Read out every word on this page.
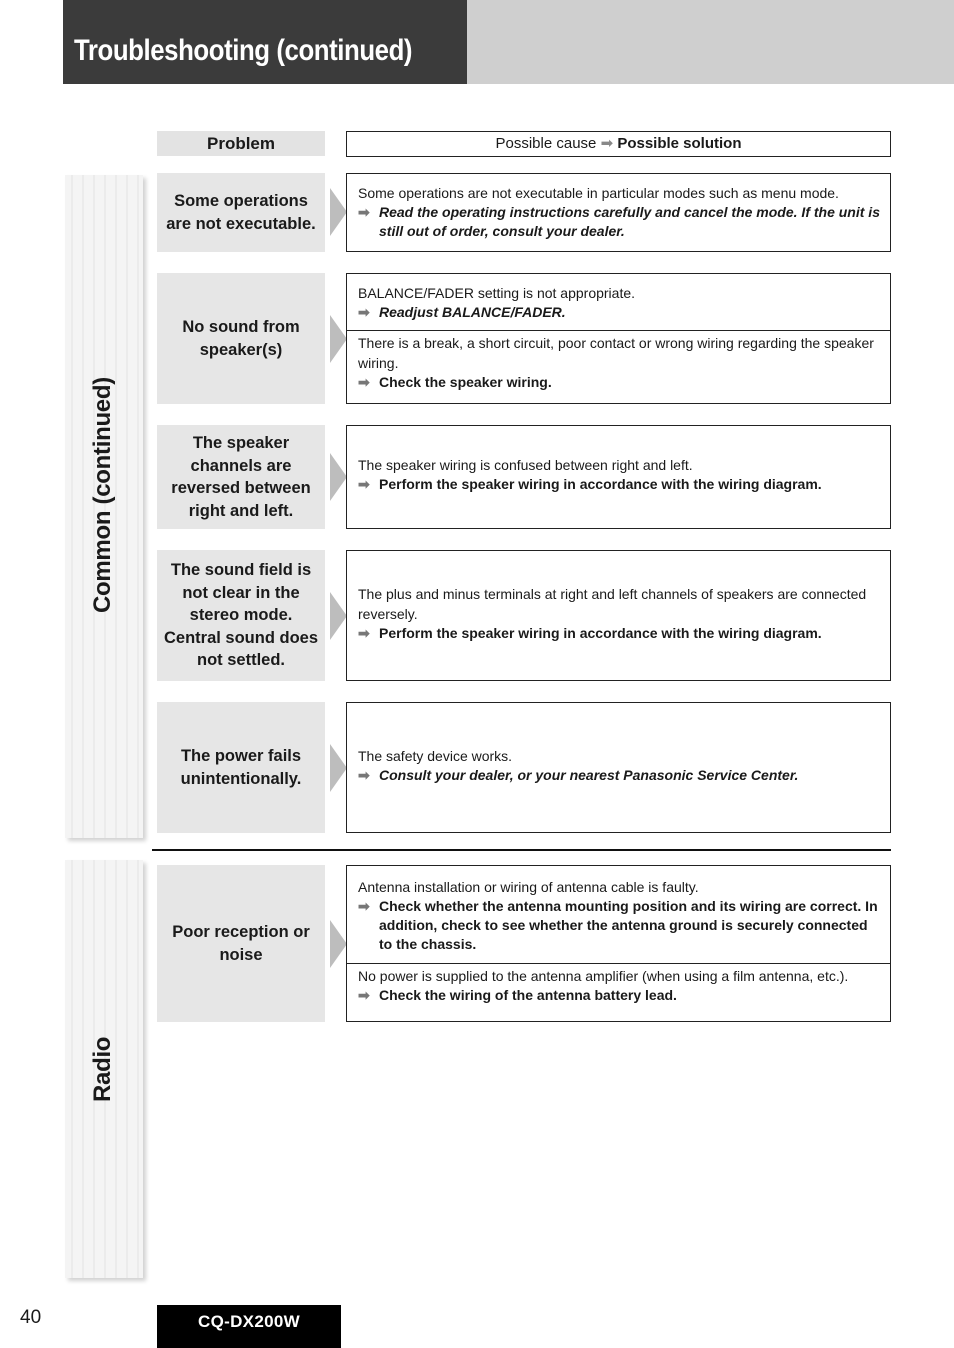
Troubleshooting (continued)
Common (continued)
Radio
Problem	Possible cause ➡ Possible solution
Some operations are not executable.
Some operations are not executable in particular modes such as menu mode.
➡ Read the operating instructions carefully and cancel the mode. If the unit is still out of order, consult your dealer.
No sound from speaker(s)
BALANCE/FADER setting is not appropriate.
➡ Readjust BALANCE/FADER.
There is a break, a short circuit, poor contact or wrong wiring regarding the speaker wiring.
➡ Check the speaker wiring.
The speaker channels are reversed between right and left.
The speaker wiring is confused between right and left.
➡ Perform the speaker wiring in accordance with the wiring diagram.
The sound field is not clear in the stereo mode. Central sound does not settled.
The plus and minus terminals at right and left channels of speakers are connected reversely.
➡ Perform the speaker wiring in accordance with the wiring diagram.
The power fails unintentionally.
The safety device works.
➡ Consult your dealer, or your nearest Panasonic Service Center.
Poor reception or noise
Antenna installation or wiring of antenna cable is faulty.
➡ Check whether the antenna mounting position and its wiring are correct. In addition, check to see whether the antenna ground is securely connected to the chassis.
No power is supplied to the antenna amplifier (when using a film antenna, etc.).
➡ Check the wiring of the antenna battery lead.
40	CQ-DX200W
